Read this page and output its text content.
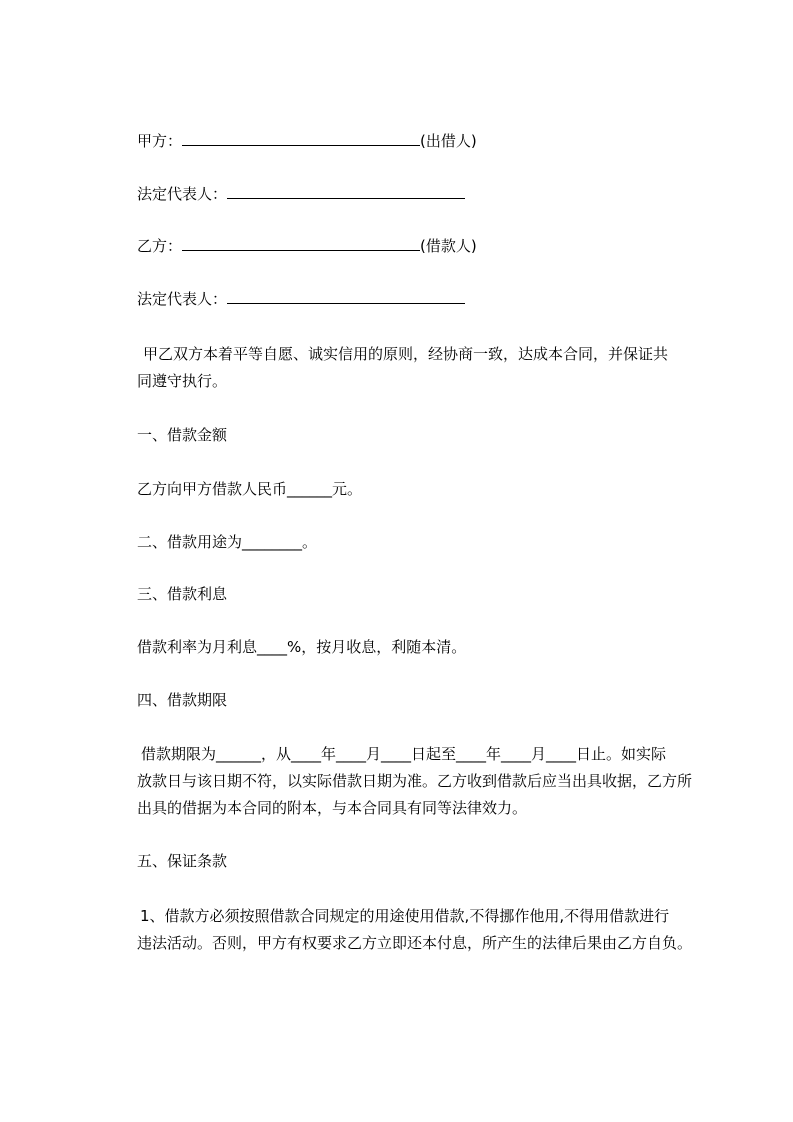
甲方：	(出借人)
法定代表人：
乙方：	(借款人)
法定代表人：
甲乙双方本着平等自愿、诚实信用的原则，经协商一致，达成本合同，并保证共
同遵守执行。
一、借款金额
乙方向甲方借款人民币______元。
二、借款用途为________。
三、借款利息
借款利率为月利息____%，按月收息，利随本清。
四、借款期限
借款期限为______，从____年____月____日起至____年____月____日止。如实际
放款日与该日期不符，以实际借款日期为准。乙方收到借款后应当出具收据，乙方所
出具的借据为本合同的附本，与本合同具有同等法律效力。
五、保证条款
1、借款方必须按照借款合同规定的用途使用借款,不得挪作他用,不得用借款进行
违法活动。否则，甲方有权要求乙方立即还本付息，所产生的法律后果由乙方自负。
